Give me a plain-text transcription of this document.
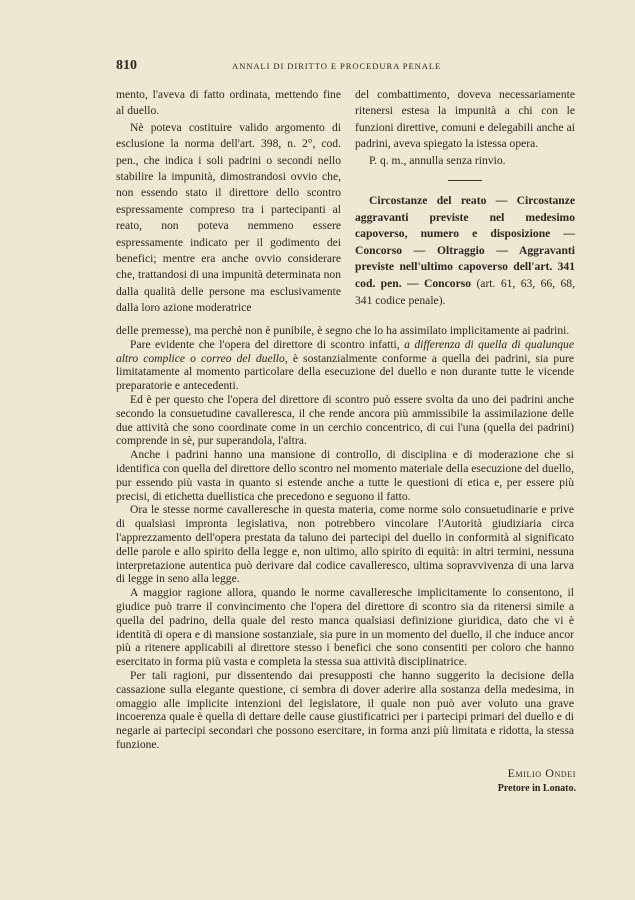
810	ANNALI DI DIRITTO E PROCEDURA PENALE

mento, l'aveva di fatto ordinata, mettendo fine al duello.

Nè poteva costituire valido argomento di esclusione la norma dell'art. 398, n. 2°, cod. pen., che indica i soli padrini o secondi nello stabilire la impunità, dimostrandosi ovvio che, non essendo stato il direttore dello scontro espressamente compreso tra i partecipanti al reato, non poteva nemmeno essere espressamente indicato per il godimento dei benefici; mentre era anche ovvio considerare che, trattandosi di una impunità determinata non dalla qualità delle persone ma esclusivamente dalla loro azione moderatrice

del combattimento, doveva necessariamente ritenersi estesa la impunità a chi con le funzioni direttive, comuni e delegabili anche ai padrini, aveva spiegato la istessa opera.

P. q. m., annulla senza rinvio.

Circostanze del reato — Circostanze aggravanti previste nel medesimo capoverso, numero e disposizione — Concorso — Oltraggio — Aggravanti previste nell'ultimo capoverso dell'art. 341 cod. pen. — Concorso (art. 61, 63, 66, 68, 341 codice penale).

delle premesse), ma perchè non è punibile, è segno che lo ha assimilato implicitamente ai padrini.

Pare evidente che l'opera del direttore di scontro infatti, a differenza di quella di qualunque altro complice o correo del duello, è sostanzialmente conforme a quella dei padrini, sia pure limitatamente al momento particolare della esecuzione del duello e non durante tutte le vicende preparatorie e antecedenti.

Ed è per questo che l'opera del direttore di scontro può essere svolta da uno dei padrini anche secondo la consuetudine cavalleresca, il che rende ancora più ammissibile la assimilazione delle due attività che sono coordinate come in un cerchio concentrico, di cui l'una (quella dei padrini) comprende in sè, pur superandola, l'altra.

Anche i padrini hanno una mansione di controllo, di disciplina e di moderazione che si identifica con quella del direttore dello scontro nel momento materiale della esecuzione del duello, pur essendo più vasta in quanto si estende anche a tutte le questioni di etica e, per essere più precisi, di etichetta duellistica che precedono e seguono il fatto.

Ora le stesse norme cavalleresche in questa materia, come norme solo consuetudinarie e prive di qualsiasi impronta legislativa, non potrebbero vincolare l'Autorità giudiziaria circa l'apprezzamento dell'opera prestata da taluno dei partecipi del duello in conformità al significato delle parole e allo spirito della legge e, non ultimo, allo spirito di equità: in altri termini, nessuna interpretazione autentica può derivare dal codice cavalleresco, ultima sopravvivenza di una larva di legge in seno alla legge.

A maggior ragione allora, quando le norme cavalleresche implicitamente lo consentono, il giudice può trarre il convincimento che l'opera del direttore di scontro sia da ritenersi simile a quella del padrino, della quale del resto manca qualsiasi definizione giuridica, dato che vi è identità di opera e di mansione sostanziale, sia pure in un momento del duello, il che induce ancor più a ritenere applicabili al direttore stesso i benefici che sono consentiti per coloro che hanno esercitato in forma più vasta e completa la stessa sua attività disciplinatrice.

Per tali ragioni, pur dissentendo dai presupposti che hanno suggerito la decisione della cassazione sulla elegante questione, ci sembra di dover aderire alla sostanza della medesima, in omaggio alle implicite intenzioni del legislatore, il quale non può aver voluto una grave incoerenza quale è quella di dettare delle cause giustificatrici per i partecipi primari del duello e di negarle ai partecipi secondari che possono esercitare, in forma anzi più limitata e ridotta, la stessa funzione.

Emilio Ondei
Pretore in Lonato.
